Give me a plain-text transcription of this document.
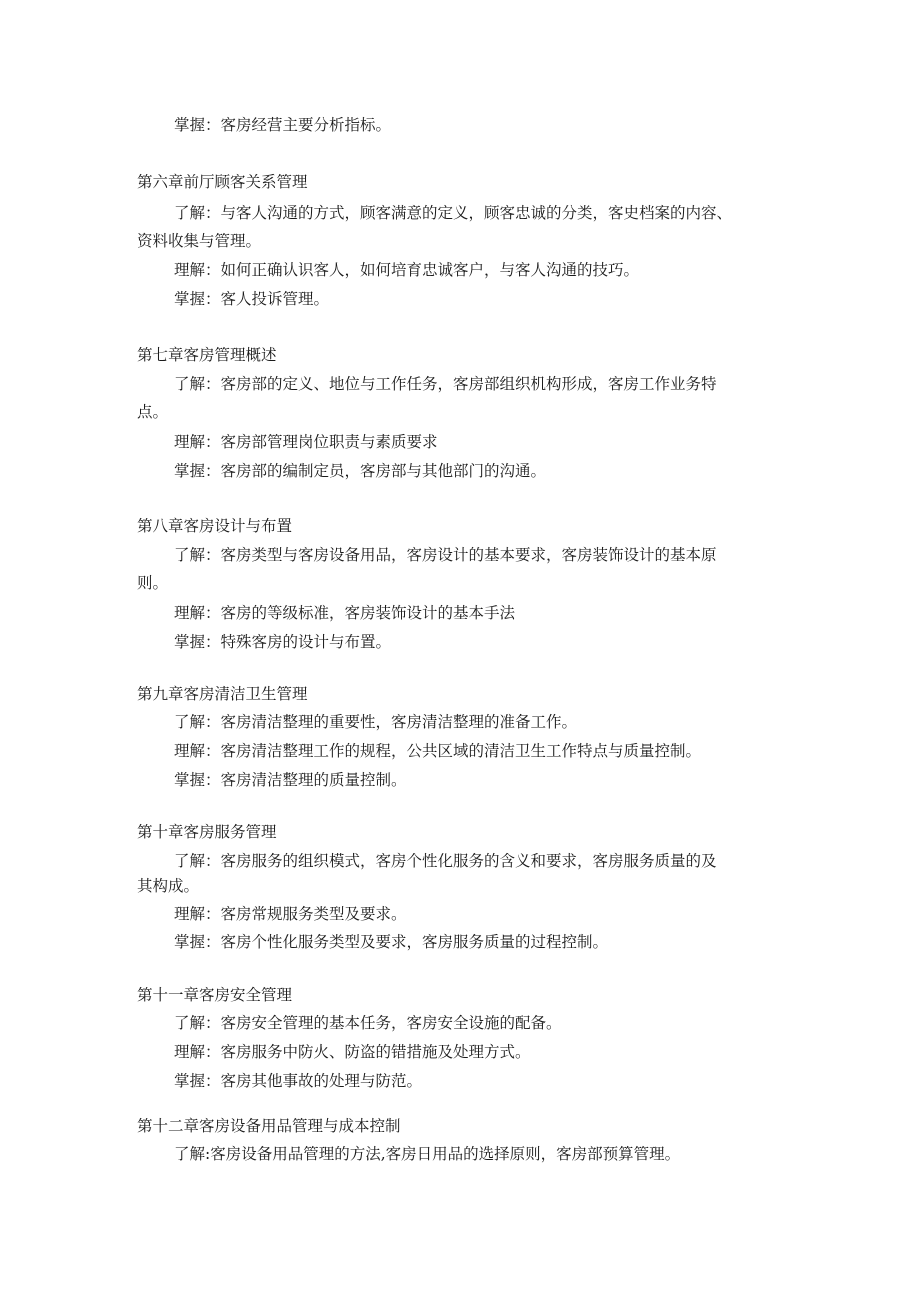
掌握：客房经营主要分析指标。
第六章前厅顾客关系管理
了解：与客人沟通的方式，顾客满意的定义，顾客忠诚的分类，客史档案的内容、
资料收集与管理。
理解：如何正确认识客人，如何培育忠诚客户，与客人沟通的技巧。
掌握：客人投诉管理。
第七章客房管理概述
了解：客房部的定义、地位与工作任务，客房部组织机构形成，客房工作业务特
点。
理解：客房部管理岗位职责与素质要求
掌握：客房部的编制定员，客房部与其他部门的沟通。
第八章客房设计与布置
了解：客房类型与客房设备用品，客房设计的基本要求，客房装饰设计的基本原
则。
理解：客房的等级标准，客房装饰设计的基本手法
掌握：特殊客房的设计与布置。
第九章客房清洁卫生管理
了解：客房清洁整理的重要性，客房清洁整理的准备工作。
理解：客房清洁整理工作的规程，公共区域的清洁卫生工作特点与质量控制。
掌握：客房清洁整理的质量控制。
第十章客房服务管理
了解：客房服务的组织模式，客房个性化服务的含义和要求，客房服务质量的及
其构成。
理解：客房常规服务类型及要求。
掌握：客房个性化服务类型及要求，客房服务质量的过程控制。
第十一章客房安全管理
了解：客房安全管理的基本任务，客房安全设施的配备。
理解：客房服务中防火、防盗的错措施及处理方式。
掌握：客房其他事故的处理与防范。
第十二章客房设备用品管理与成本控制
了解:客房设备用品管理的方法,客房日用品的选择原则，客房部预算管理。
